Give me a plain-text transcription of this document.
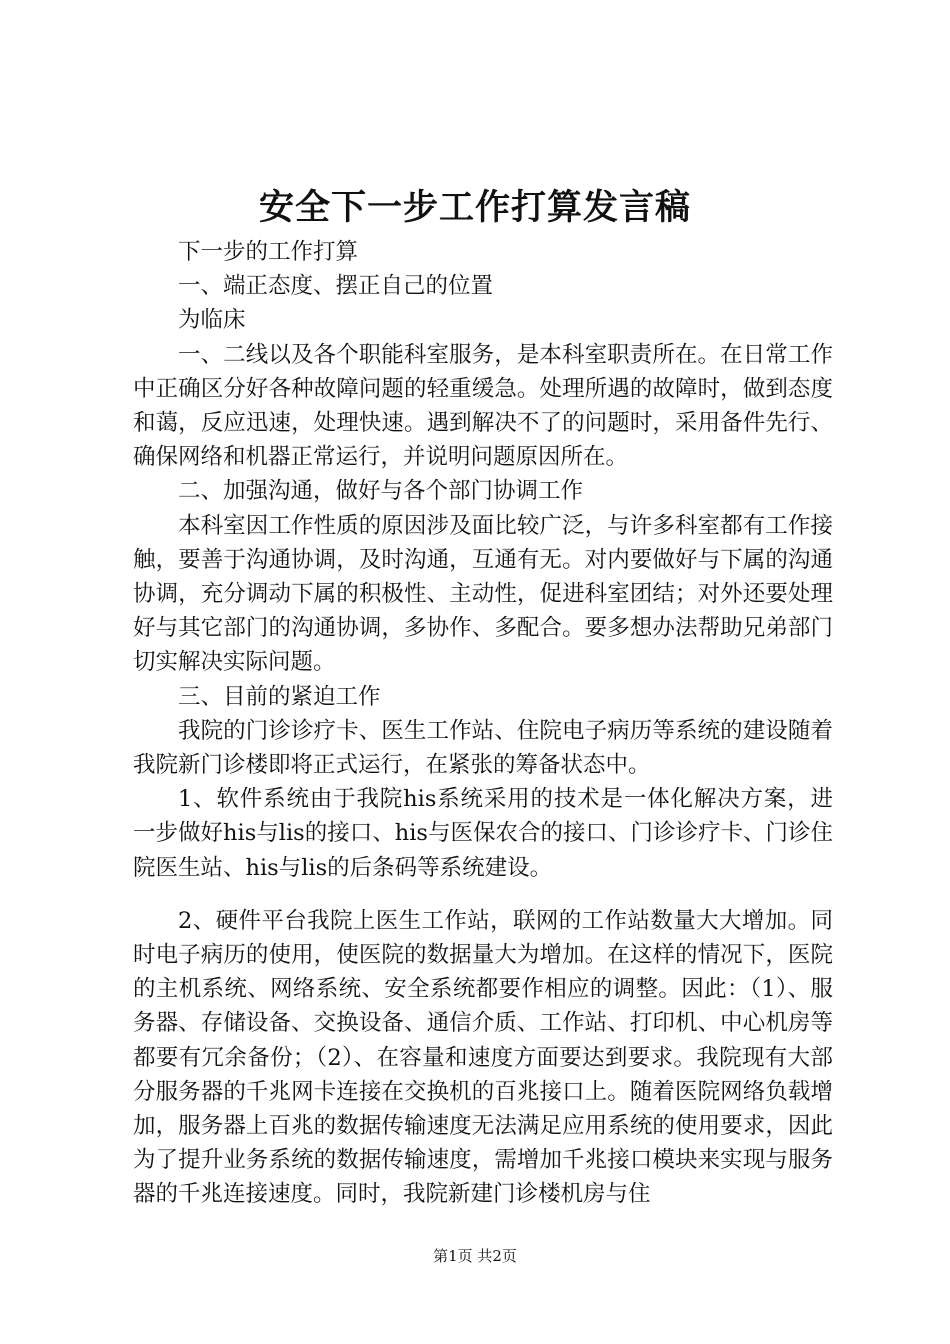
安全下一步工作打算发言稿

下一步的工作打算

一、端正态度、摆正自己的位置

为临床

一、二线以及各个职能科室服务，是本科室职责所在。在日常工作中正确区分好各种故障问题的轻重缓急。处理所遇的故障时，做到态度和蔼，反应迅速，处理快速。遇到解决不了的问题时，采用备件先行、确保网络和机器正常运行，并说明问题原因所在。

二、加强沟通，做好与各个部门协调工作

本科室因工作性质的原因涉及面比较广泛，与许多科室都有工作接触，要善于沟通协调，及时沟通，互通有无。对内要做好与下属的沟通协调，充分调动下属的积极性、主动性，促进科室团结；对外还要处理好与其它部门的沟通协调，多协作、多配合。要多想办法帮助兄弟部门切实解决实际问题。

三、目前的紧迫工作

我院的门诊诊疗卡、医生工作站、住院电子病历等系统的建设随着我院新门诊楼即将正式运行，在紧张的筹备状态中。

1、软件系统由于我院his系统采用的技术是一体化解决方案，进一步做好his与lis的接口、his与医保农合的接口、门诊诊疗卡、门诊住院医生站、his与lis的后条码等系统建设。

2、硬件平台我院上医生工作站，联网的工作站数量大大增加。同时电子病历的使用，使医院的数据量大为增加。在这样的情况下，医院的主机系统、网络系统、安全系统都要作相应的调整。因此：（1）、服务器、存储设备、交换设备、通信介质、工作站、打印机、中心机房等都要有冗余备份；（2）、在容量和速度方面要达到要求。我院现有大部分服务器的千兆网卡连接在交换机的百兆接口上。随着医院网络负载增加，服务器上百兆的数据传输速度无法满足应用系统的使用要求，因此为了提升业务系统的数据传输速度，需增加千兆接口模块来实现与服务器的千兆连接速度。同时，我院新建门诊楼机房与住

第1页 共2页
